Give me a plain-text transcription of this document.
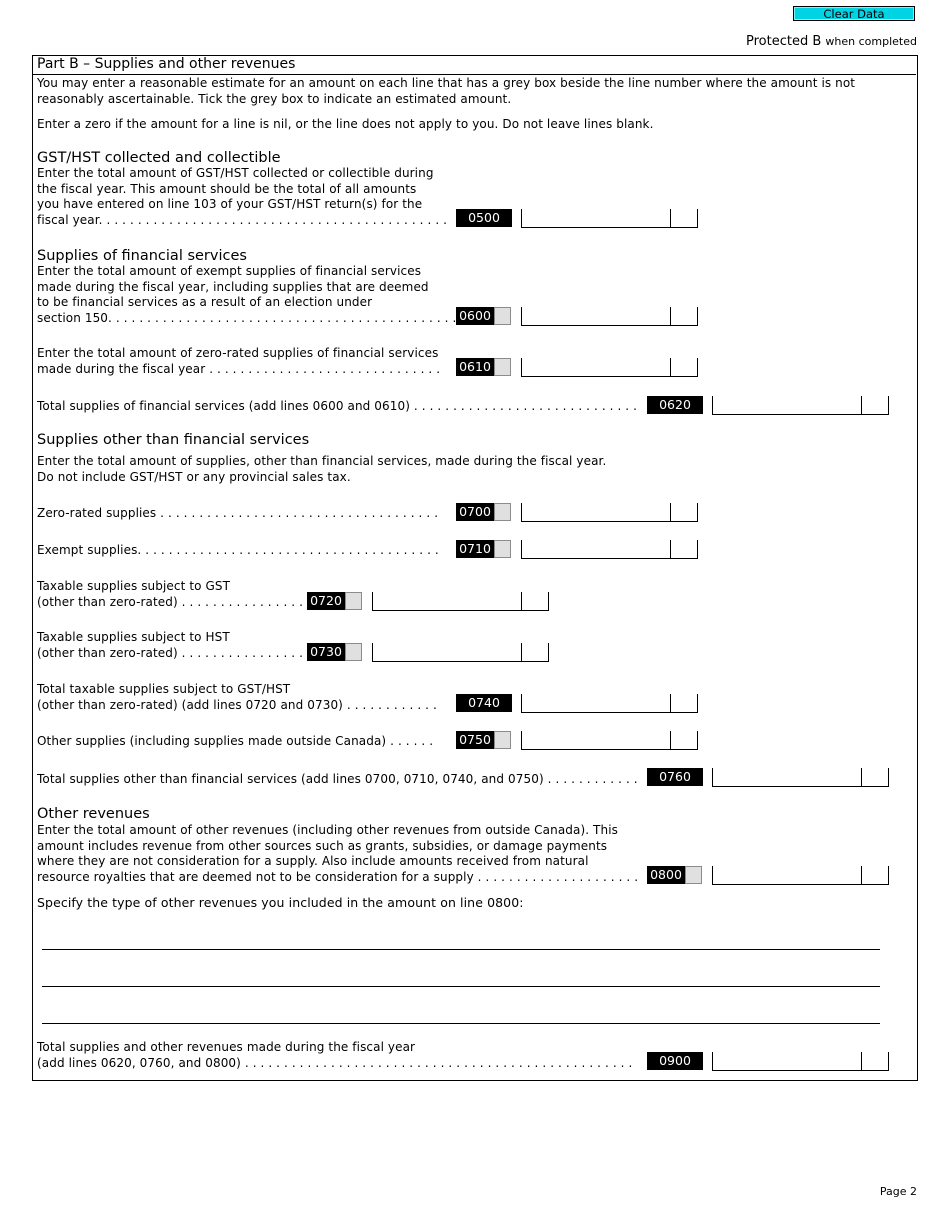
Clear Data
Protected B when completed
Part B – Supplies and other revenues
You may enter a reasonable estimate for an amount on each line that has a grey box beside the line number where the amount is not
reasonably ascertainable. Tick the grey box to indicate an estimated amount.
Enter a zero if the amount for a line is nil, or the line does not apply to you. Do not leave lines blank.
GST/HST collected and collectible
Enter the total amount of GST/HST collected or collectible during
the fiscal year. This amount should be the total of all amounts
you have entered on line 103 of your GST/HST return(s) for the
fiscal year. . . . . . . . . . . . . . . . . . . . . . . . . . . . . . . . . . . . . . . . . . . . .	0500
Supplies of financial services
Enter the total amount of exempt supplies of financial services
made during the fiscal year, including supplies that are deemed
to be financial services as a result of an election under
section 150. . . . . . . . . . . . . . . . . . . . . . . . . . . . . . . . . . . . . . . . . . . . . 0600
Enter the total amount of zero-rated supplies of financial services
made during the fiscal year . . . . . . . . . . . . . . . . . . . . . . . . . . . . . . 0610
Total supplies of financial services (add lines 0600 and 0610) . . . . . . . . . . . . . . . . . . . . . . . . . . . . .	0620
Supplies other than financial services
Enter the total amount of supplies, other than financial services, made during the fiscal year.
Do not include GST/HST or any provincial sales tax.
Zero-rated supplies . . . . . . . . . . . . . . . . . . . . . . . . . . . . . . . . . . . . 0700
Exempt supplies. . . . . . . . . . . . . . . . . . . . . . . . . . . . . . . . . . . . . . . 0710
Taxable supplies subject to GST
(other than zero-rated) . . . . . . . . . . . . . . . . 0720
Taxable supplies subject to HST
(other than zero-rated) . . . . . . . . . . . . . . . . 0730
Total taxable supplies subject to GST/HST
(other than zero-rated) (add lines 0720 and 0730) . . . . . . . . . . . .	0740
Other supplies (including supplies made outside Canada) . . . . . . 0750
Total supplies other than financial services (add lines 0700, 0710, 0740, and 0750) . . . . . . . . . . . .	0760
Other revenues
Enter the total amount of other revenues (including other revenues from outside Canada). This
amount includes revenue from other sources such as grants, subsidies, or damage payments
where they are not consideration for a supply. Also include amounts received from natural
resource royalties that are deemed not to be consideration for a supply . . . . . . . . . . . . . . . . . . . . . 0800
Specify the type of other revenues you included in the amount on line 0800:
Total supplies and other revenues made during the fiscal year
(add lines 0620, 0760, and 0800) . . . . . . . . . . . . . . . . . . . . . . . . . . . . . . . . . . . . . . . . . . . . . . . . . .	0900
Page 2
